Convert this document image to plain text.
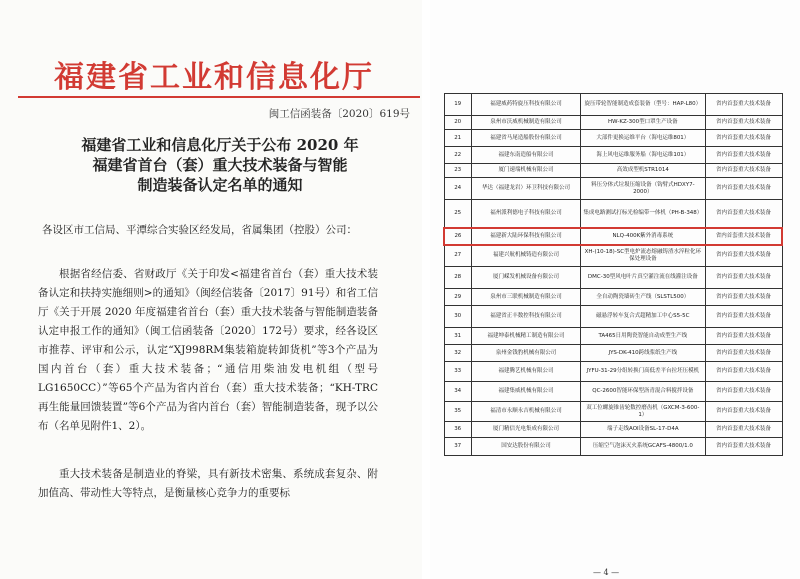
福建省工业和信息化厅
闽工信函装备〔2020〕619号
福建省工业和信息化厅关于公布 2020 年
福建省首台（套）重大技术装备与智能
制造装备认定名单的通知
各设区市工信局、平潭综合实验区经发局，省属集团（控股）公司：
根据省经信委、省财政厅《关于印发<福建省首台（套）重大技术装备认定和扶持实施细则>的通知》（闽经信装备〔2017〕91号）和省工信厅《关于开展 2020 年度福建省首台（套）重大技术装备与智能制造装备认定申报工作的通知》（闽工信函装备〔2020〕172号）要求，经各设区市推荐、评审和公示，认定“XJ998RM集装箱旋转卸货机”等3个产品为国内首台（套）重大技术装备；“通信用柴油发电机组（型号 LG1650CC）”等65个产品为省内首台（套）重大技术装备；“KH-TRC 再生能量回馈装置”等6个产品为省内首台（套）智能制造装备，现予以公布（名单见附件1、2）。
重大技术装备是制造业的脊梁，具有新技术密集、系统成套复杂、附加值高、带动性大等特点，是衡量核心竞争力的重要标
19	福建威药特旋压科技有限公司	旋压带轮智能制造成套装备（型号：HAP-L80）	省内首套重大技术装备
20	泉州市沃威机械制造有限公司	HW-KZ-300型口罩生产设备	省内首套重大技术装备
21	福建省马尾造船股份有限公司	大部件更换运维平台（海电运维801）	省内首套重大技术装备
22	福建东南造船有限公司	海上风电运维服务船（海电运维101）	省内首套重大技术装备
23	厦门速端机械有限公司	高效成型机STR1014	省内首套重大技术装备
24	华达（福建龙岩）环卫科技有限公司	料压分体式垃圾压缩设备（钩臂式HDXY7-2000）	省内首套重大技术装备
25	福州派利德电子科技有限公司	集成电路测试打标光检编带一体机（PH-B-348）	省内首套重大技术装备
26	福建新大陆环保科技有限公司	NLQ-400K紫外消毒系统	省内首套重大技术装备
27	福建兴航机械铸造有限公司	XH-(10-18)-SC型电炉流态熔融铸渣水淬粒化环保处理设备	省内首套重大技术装备
28	厦门嵘发机械设备有限公司	DMC-30型风电叶片真空灌注流在线灌注设备	省内首套重大技术装备
29	泉州市三联机械制造有限公司	全自动陶瓷墙砖生产线（SLSTL500）	省内首套重大技术装备
30	福建省正丰数控科技有限公司	磁悬浮转车复合式超精加工中心S5-5C	省内首套重大技术装备
31	福建坤泰机械精工制造有限公司	TA465日用陶瓷智能自动成型生产线	省内首套重大技术装备
32	泉州金钱豹机械有限公司	JYS-DK-410跨线浆纸生产线	省内首套重大技术装备
33	福建腾艺机械有限公司	JYFU-31-29分组转换门高低差平台拉坯压模机	省内首套重大技术装备
34	福建集威机械有限公司	QC-2600智能环保型沥青混合料搅拌设备	省内首套重大技术装备
35	福清市永顺永吉机械有限公司	双工位螺旋锥齿轮数控磨齿机（GXCM-3-600-1）	省内首套重大技术装备
36	厦门精信光电集成有限公司	端子走线AOI设备SL-17-D4A	省内首套重大技术装备
37	国安达股份有限公司	压缩空气泡沫灭火系统GCAFS-4800/1.0	省内首套重大技术装备
— 4 —
